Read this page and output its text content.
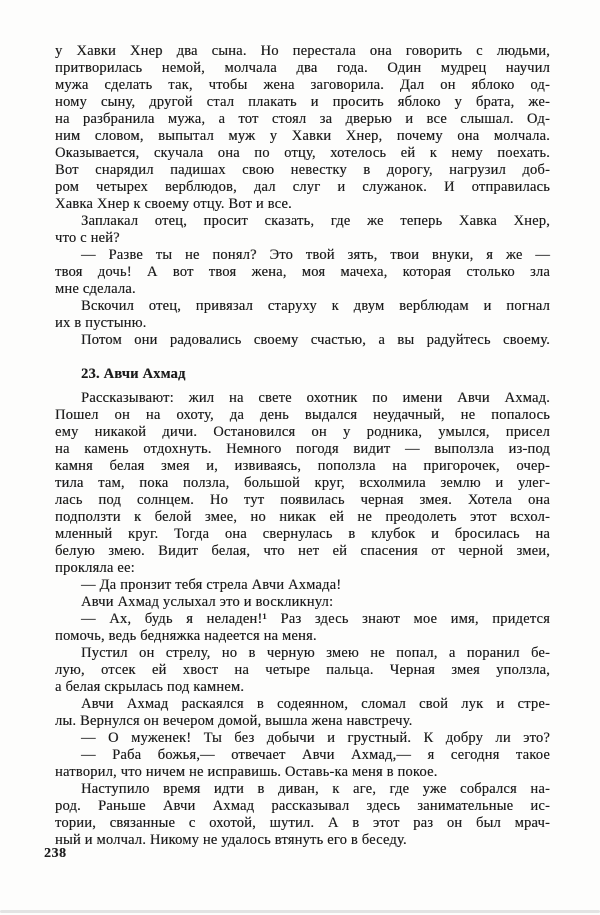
у Хавки Хнер два сына. Но перестала она говорить с людьми,
притворилась немой, молчала два года. Один мудрец научил
мужа сделать так, чтобы жена заговорила. Дал он яблоко од-
ному сыну, другой стал плакать и просить яблоко у брата, же-
на разбранила мужа, а тот стоял за дверью и все слышал. Од-
ним словом, выпытал муж у Хавки Хнер, почему она молчала.
Оказывается, скучала она по отцу, хотелось ей к нему поехать.
Вот снарядил падишах свою невестку в дорогу, нагрузил доб-
ром четырех верблюдов, дал слуг и служанок. И отправилась
Хавка Хнер к своему отцу. Вот и все.
Заплакал отец, просит сказать, где же теперь Хавка Хнер,
что с ней?
— Разве ты не понял? Это твой зять, твои внуки, я же —
твоя дочь! А вот твоя жена, моя мачеха, которая столько зла
мне сделала.
Вскочил отец, привязал старуху к двум верблюдам и погнал
их в пустыню.
Потом они радовались своему счастью, а вы радуйтесь своему.
23. Авчи Ахмад
Рассказывают: жил на свете охотник по имени Авчи Ахмад.
Пошел он на охоту, да день выдался неудачный, не попалось
ему никакой дичи. Остановился он у родника, умылся, присел
на камень отдохнуть. Немного погодя видит — выползла из-под
камня белая змея и, извиваясь, поползла на пригорочек, очер-
тила там, пока ползла, большой круг, всхолмила землю и улег-
лась под солнцем. Но тут появилась черная змея. Хотела она
подползти к белой змее, но никак ей не преодолеть этот всхол-
мленный круг. Тогда она свернулась в клубок и бросилась на
белую змею. Видит белая, что нет ей спасения от черной змеи,
прокляла ее:
— Да пронзит тебя стрела Авчи Ахмада!
Авчи Ахмад услыхал это и воскликнул:
— Ах, будь я неладен!¹ Раз здесь знают мое имя, придется
помочь, ведь бедняжка надеется на меня.
Пустил он стрелу, но в черную змею не попал, а поранил бе-
лую, отсек ей хвост на четыре пальца. Черная змея уползла,
а белая скрылась под камнем.
Авчи Ахмад раскаялся в содеянном, сломал свой лук и стре-
лы. Вернулся он вечером домой, вышла жена навстречу.
— О муженек! Ты без добычи и грустный. К добру ли это?
— Раба божья,— отвечает Авчи Ахмад,— я сегодня такое
натворил, что ничем не исправишь. Оставь-ка меня в покое.
Наступило время идти в диван, к аге, где уже собрался на-
род. Раньше Авчи Ахмад рассказывал здесь занимательные ис-
тории, связанные с охотой, шутил. А в этот раз он был мрач-
ный и молчал. Никому не удалось втянуть его в беседу.
238
